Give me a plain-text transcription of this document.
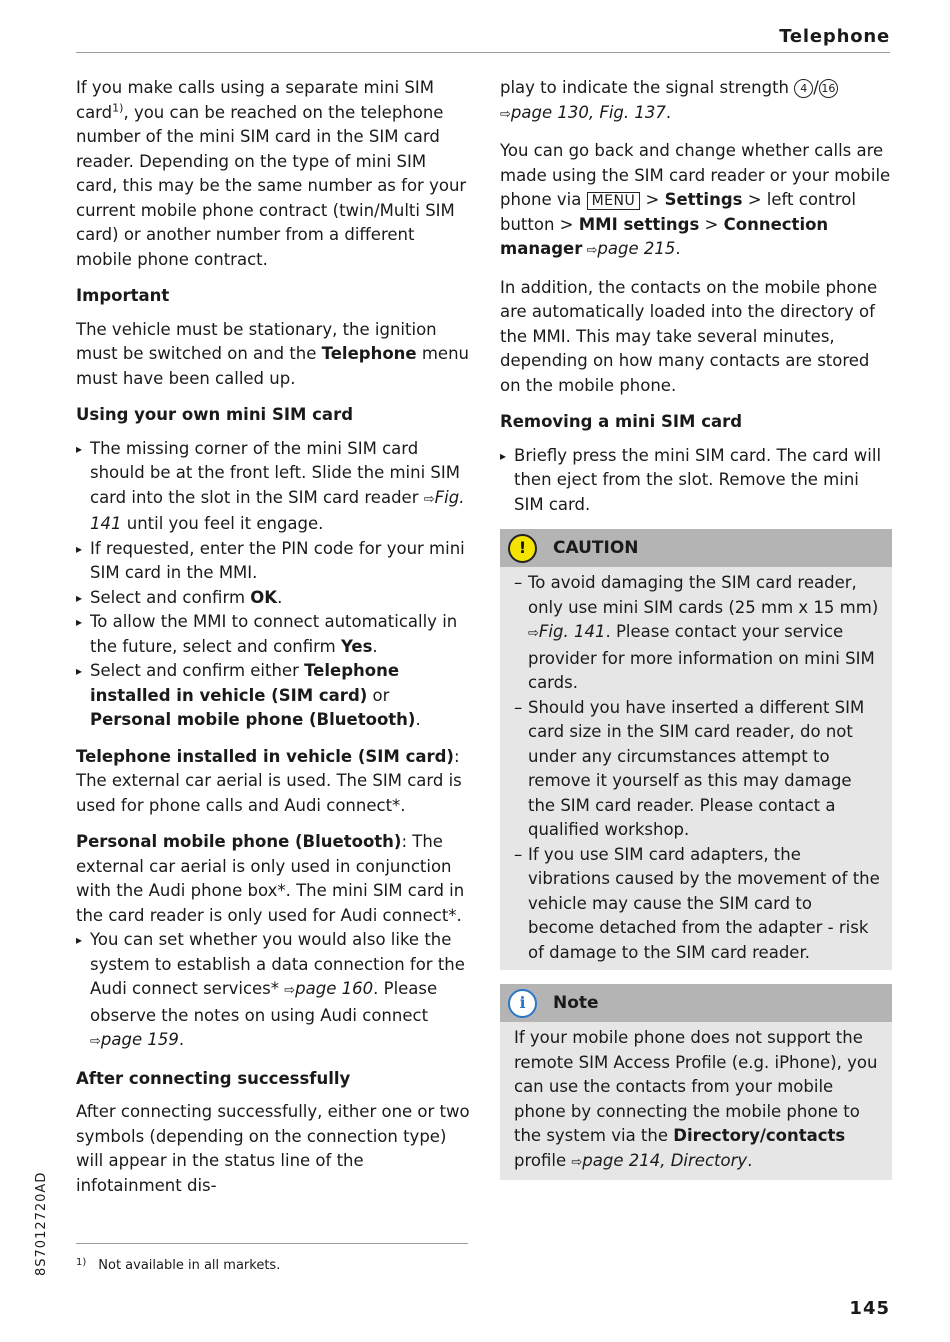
Telephone

If you make calls using a separate mini SIM card$^{1)}$, you can be reached on the telephone number of the mini SIM card in the SIM card reader. Depending on the type of mini SIM card, this may be the same number as for your current mobile phone contract (twin/Multi SIM card) or another number from a different mobile phone contract.

Important

The vehicle must be stationary, the ignition must be switched on and the Telephone menu must have been called up.

Using your own mini SIM card
▸ The missing corner of the mini SIM card should be at the front left. Slide the mini SIM card into the slot in the SIM card reader ⇨Fig. 141 until you feel it engage.
▸ If requested, enter the PIN code for your mini SIM card in the MMI.
▸ Select and confirm OK.
▸ To allow the MMI to connect automatically in the future, select and confirm Yes.
▸ Select and confirm either Telephone installed in vehicle (SIM card) or Personal mobile phone (Bluetooth).

Telephone installed in vehicle (SIM card): The external car aerial is used. The SIM card is used for phone calls and Audi connect*.

Personal mobile phone (Bluetooth): The external car aerial is only used in conjunction with the Audi phone box*. The mini SIM card in the card reader is only used for Audi connect*.

▸ You can set whether you would also like the system to establish a data connection for the Audi connect services* ⇨page 160. Please observe the notes on using Audi connect ⇨page 159.
After connecting successfully

After connecting successfully, either one or two symbols (depending on the connection type) will appear in the status line of the infotainment dis-

play to indicate the signal strength 4 / 16
⇨page 130, Fig. 137.

You can go back and change whether calls are made using the SIM card reader or your mobile phone via MENU > Settings > left control button > MMI settings > Connection manager ⇨page 215.

In addition, the contacts on the mobile phone are automatically loaded into the directory of the MMI. This may take several minutes, depending on how many contacts are stored on the mobile phone.

Removing a mini SIM card
▸ Briefly press the mini SIM card. The card will then eject from the slot. Remove the mini SIM card.
!	CAUTION
– To avoid damaging the SIM card reader, only use mini SIM cards (25 mm x 15 mm) ⇨Fig. 141. Please contact your service provider for more information on mini SIM cards.
– Should you have inserted a different SIM card size in the SIM card reader, do not under any circumstances attempt to remove it yourself as this may damage the SIM card reader. Please contact a qualified workshop.
– If you use SIM card adapters, the vibrations caused by the movement of the vehicle may cause the SIM card to become detached from the adapter - risk of damage to the SIM card reader.
i	Note

If your mobile phone does not support the remote SIM Access Profile (e.g. iPhone), you can use the contacts from your mobile phone by connecting the mobile phone to the system via the Directory/contacts profile ⇨page 214, Directory.

$^{1)}$ Not available in all markets.
8S7012720AD
145
